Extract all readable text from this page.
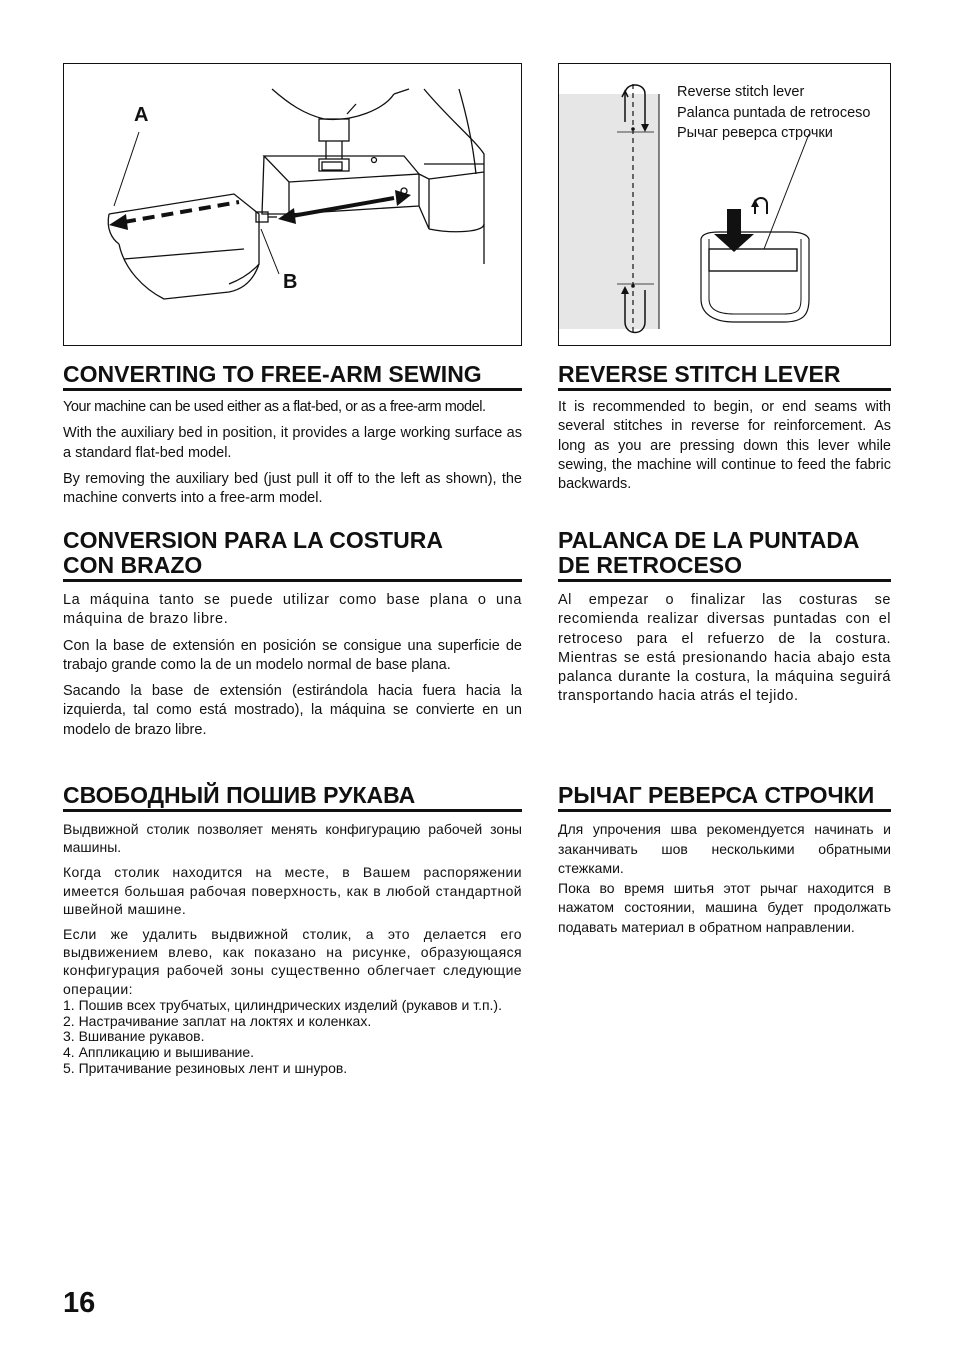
A
B
Reverse stitch lever
Palanca puntada de retroceso
Рычаг реверса строчки
CONVERTING TO FREE-ARM SEWING

Your machine can be used either as a flat-bed, or as a free-arm model.

With the auxiliary bed in position, it provides a large working surface as a standard flat-bed model.

By removing the auxiliary bed (just pull it off to the left as shown), the machine converts into a free-arm model.

CONVERSION PARA LA COSTURA
CON BRAZO

La máquina tanto se puede utilizar como base plana o una máquina de brazo libre.

Con la base de extensión en posición se consigue una superficie de trabajo grande como la de un modelo normal de base plana.

Sacando la base de extensión (estirándola hacia fuera hacia la izquierda, tal como está mostrado), la máquina se convierte en un modelo de brazo libre.

СВОБОДНЫЙ ПОШИВ РУКАВА

Выдвижной столик позволяет менять конфигурацию рабочей зоны машины.

Когда столик находится на месте, в Вашем распоряжении имеется большая рабочая поверхность, как в любой стандартной швейной машине.

Если же удалить выдвижной столик, а это делается его выдвижением влево, как показано на рисунке, образующаяся конфигурация рабочей зоны существенно облегчает следующие операции:

1. Пошив всех трубчатых, цилиндрических изделий (рукавов и т.п.).
2. Настрачивание заплат на локтях и коленках.
3. Вшивание рукавов.
4. Аппликацию и вышивание.
5. Притачивание резиновых лент и шнуров.
REVERSE STITCH LEVER

It is recommended to begin, or end seams with several stitches in reverse for reinforcement. As long as you are pressing down this lever while sewing, the machine will continue to feed the fabric backwards.

PALANCA DE LA PUNTADA
DE RETROCESO

Al empezar o finalizar las costuras se recomienda realizar diversas puntadas con el retroceso para el refuerzo de la costura. Mientras se está presionando hacia abajo esta palanca durante la costura, la máquina seguirá transportando hacia atrás el tejido.

РЫЧАГ РЕВЕРСА СТРОЧКИ

Для упрочения шва рекомендуется начинать и заканчивать шов несколькими обратными стежками.

Пока во время шитья этот рычаг находится в нажатом состоянии, машина будет продолжать подавать материал в обратном направлении.

16
